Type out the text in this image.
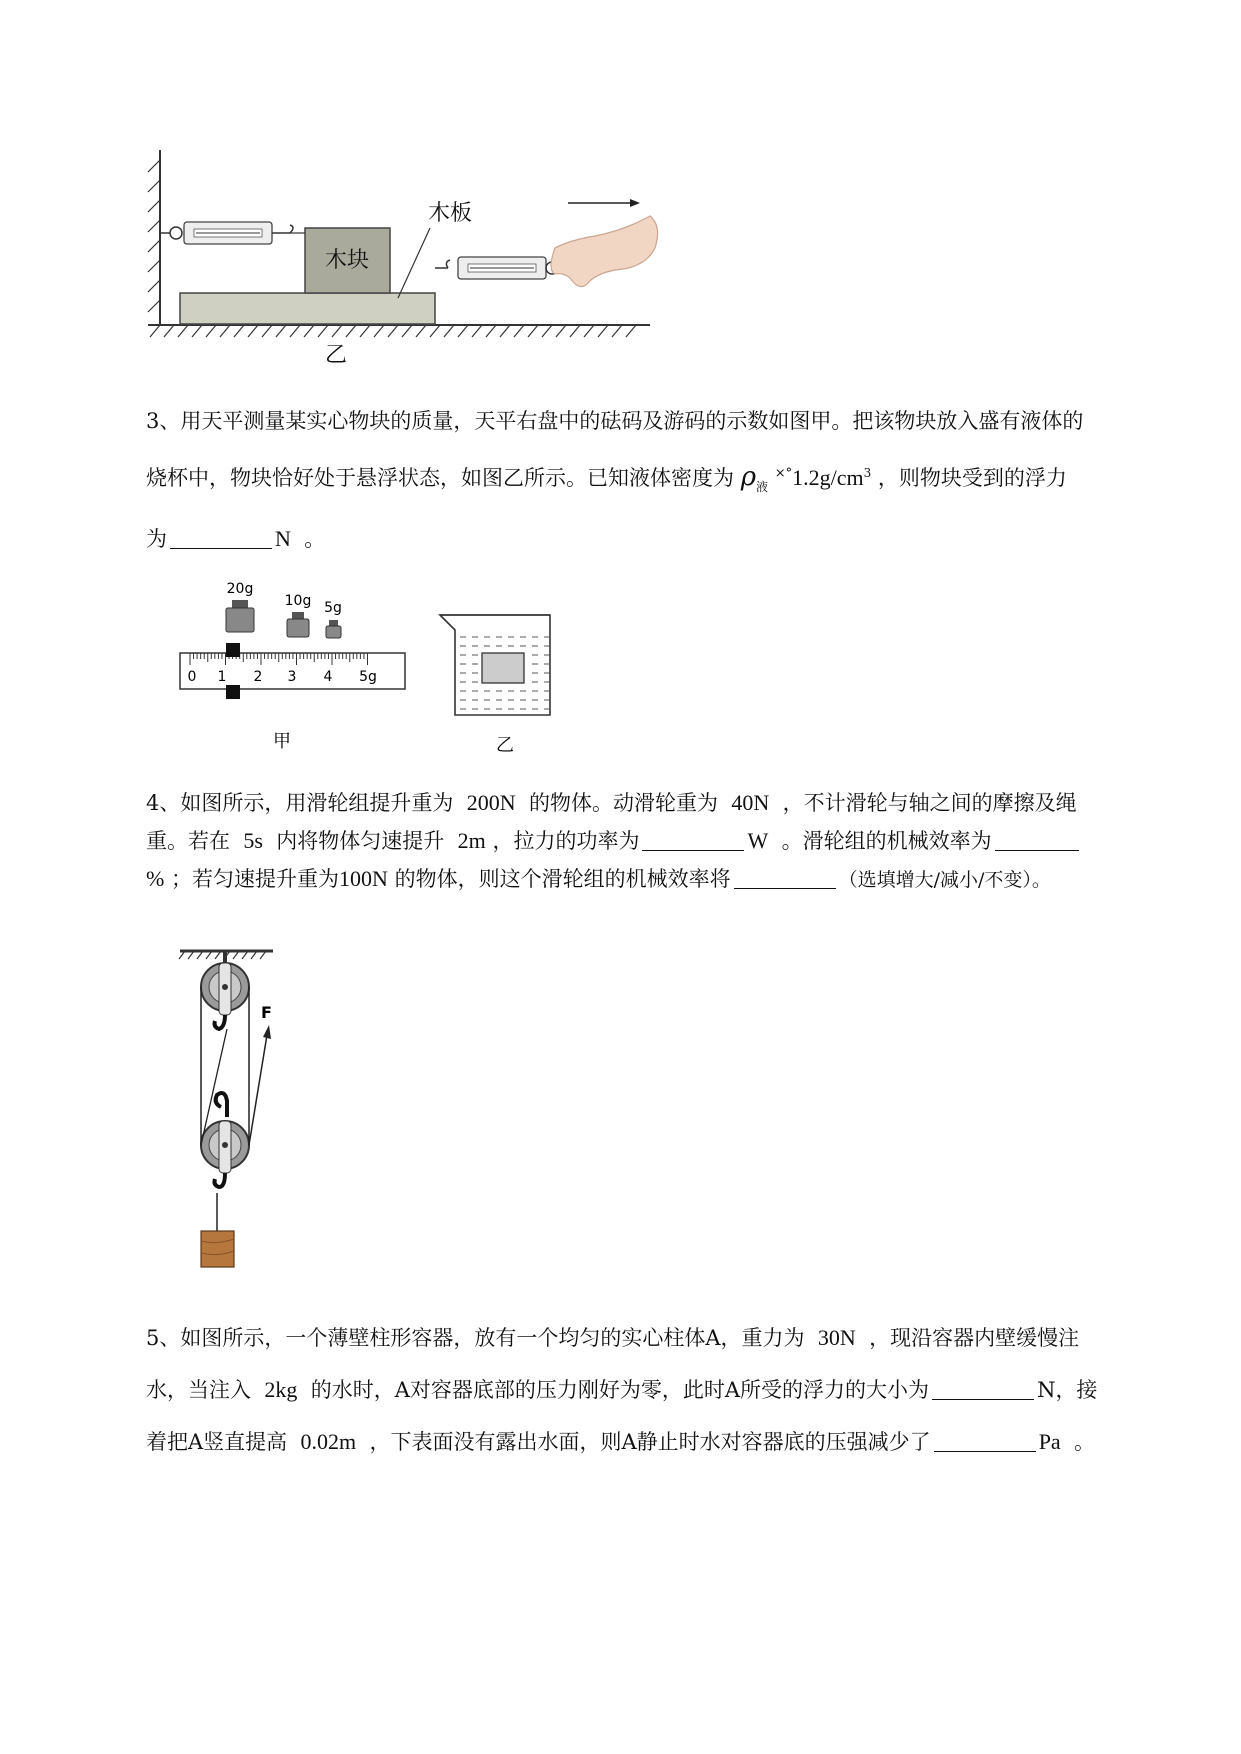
木块
木板
乙
3、用天平测量某实心物块的质量，天平右盘中的砝码及游码的示数如图甲。把该物块放入盛有液体的
烧杯中，物块恰好处于悬浮状态，如图乙所示。已知液体密度为 $\rho_液$ $^{\times^\circ}1.2g/cm^3$ ，则物块受到的浮力
为	N 。
20g
10g 5g
0 1 2 3 4 5g
甲	乙
4、如图所示，用滑轮组提升重为 200N 的物体。动滑轮重为 40N ，不计滑轮与轴之间的摩擦及绳
重。若在 5s 内将物体匀速提升 2m ，拉力的功率为	W 。滑轮组的机械效率为
% ；若匀速提升重为100N 的物体，则这个滑轮组的机械效率将	（选填增大/减小/不变）。
F
5、如图所示，一个薄壁柱形容器，放有一个均匀的实心柱体A，重力为 30N ，现沿容器内壁缓慢注
水，当注入 2kg 的水时，A对容器底部的压力刚好为零，此时A所受的浮力的大小为	N，接
着把A竖直提高 0.02m ，下表面没有露出水面，则A静止时水对容器底的压强减少了	Pa 。
